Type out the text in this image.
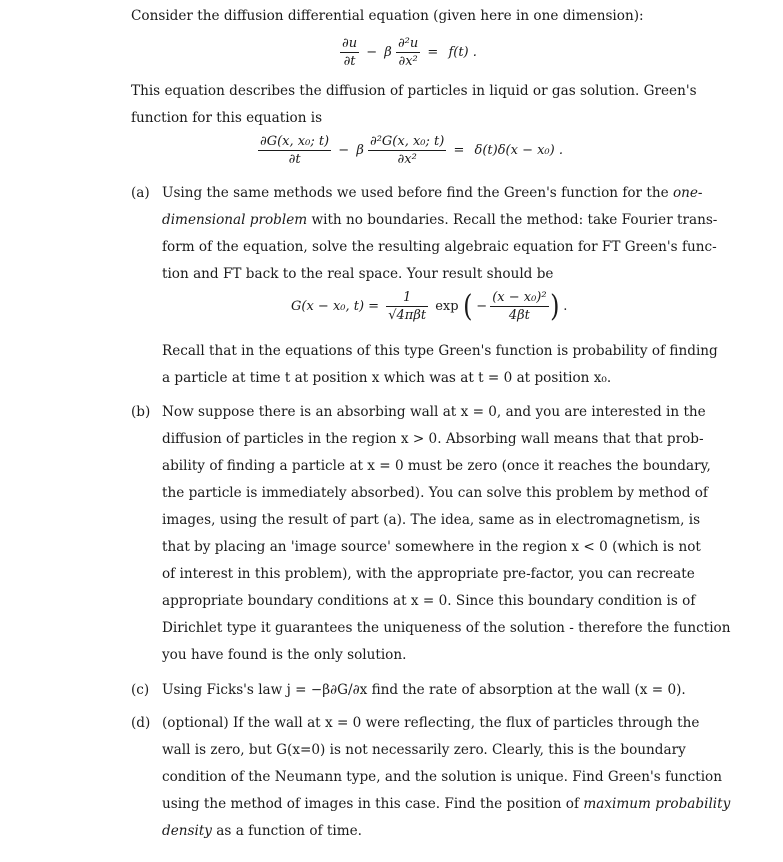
Consider the diffusion differential equation (given here in one dimension):
$\frac{\partial u}{\partial t} - \beta \frac{\text{∂²u}}{\text{∂x²}} = f(t)$ .
This equation describes the diffusion of particles in liquid or gas solution. Green's
function for this equation is
$\frac{\text{∂G(x, x₀; t)}}{\partial t} - \beta \frac{\text{∂²G(x, x₀; t)}}{\text{∂x²}} = \delta(t)\delta(x - x_0)$ .
(a) Using the same methods we used before find the Green's function for the one-
dimensional problem with no boundaries. Recall the method: take Fourier trans-
form of the equation, solve the resulting algebraic equation for FT Green's func-
tion and FT back to the real space. Your result should be
G(x − x₀, $t) = \frac{1}{\text{√4πβt}}$ exp ( − $\frac{\text{(x − x₀)²}}{4\beta t}$ ) .
Recall that in the equations of this type Green's function is probability of finding
a particle at time t at position x which was at t = 0 at position x₀.
(b) Now suppose there is an absorbing wall at x = 0, and you are interested in the
diffusion of particles in the region x > 0. Absorbing wall means that that prob-
ability of finding a particle at x = 0 must be zero (once it reaches the boundary,
the particle is immediately absorbed). You can solve this problem by method of
images, using the result of part (a). The idea, same as in electromagnetism, is
that by placing an 'image source' somewhere in the region x < 0 (which is not
of interest in this problem), with the appropriate pre-factor, you can recreate
appropriate boundary conditions at x = 0. Since this boundary condition is of
Dirichlet type it guarantees the uniqueness of the solution - therefore the function
you have found is the only solution.
(c) Using Ficks's law j = −β∂G/∂x find the rate of absorption at the wall (x = 0).
(d) (optional) If the wall at x = 0 were reflecting, the flux of particles through the
wall is zero, but G(x=0) is not necessarily zero. Clearly, this is the boundary
condition of the Neumann type, and the solution is unique. Find Green's function
using the method of images in this case. Find the position of maximum probability
density as a function of time.
